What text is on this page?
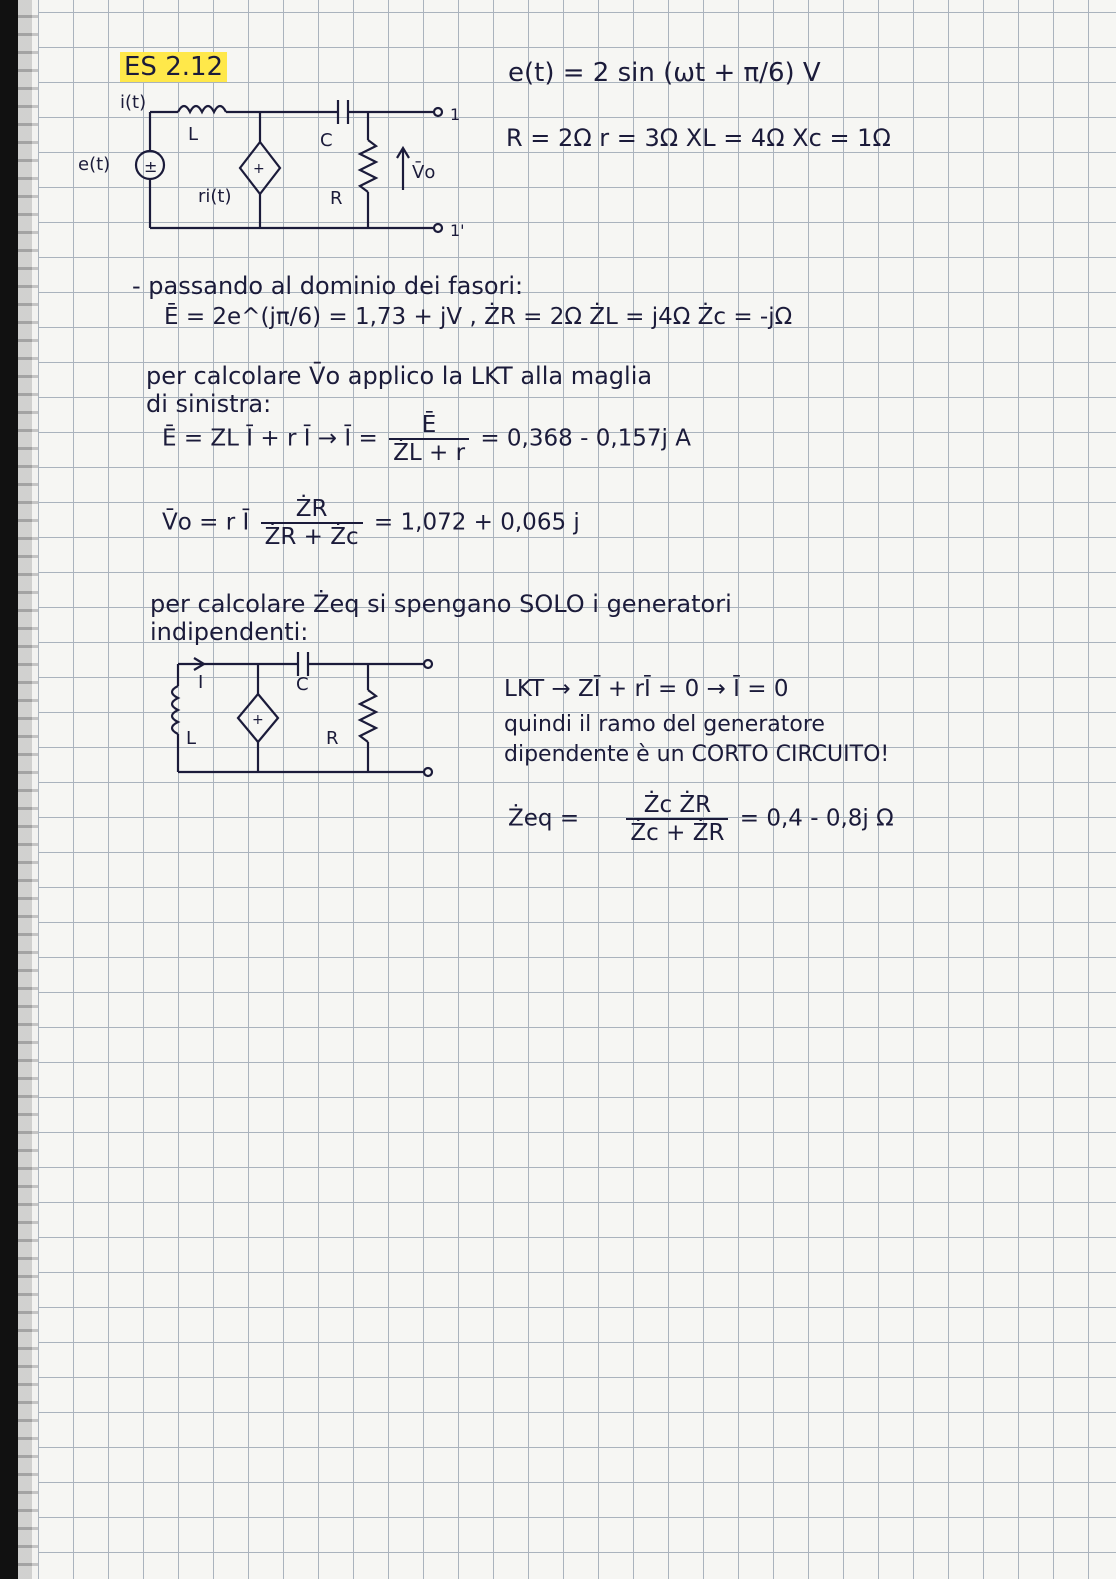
ES 2.12	e(t) = 2 sin (ωt + π/6) V
R = 2Ω r = 3Ω XL = 4Ω Xc = 1Ω
i(t)
e(t) ±	+
ri(t)
L	C
R
V̄o
1
1'
- passando al dominio dei fasori:
Ē = 2e^(jπ/6) = 1,73 + jV , ŻR = 2Ω ŻL = j4Ω Żc = -jΩ
per calcolare V̄o applico la LKT alla maglia
di sinistra:
Ē = ZL Ī + r Ī → Ī = $\frac{Ē}{ŻL + r} = 0,368 - 0,157j$ A
V̄o = r Ī $\frac{ŻR}{ŻR + Żc} = 1,072 + 0,065$ j
per calcolare Żeq si spengano SOLO i generatori
indipendenti:
I	C
L	R
+
LKT → ZĪ + rĪ = 0 → Ī = 0
quindi il ramo del generatore
dipendente è un CORTO CIRCUITO!
Żeq = $\frac{\text{Żc ŻR}}{Żc + ŻR} = 0,4 - 0,8j$ Ω
